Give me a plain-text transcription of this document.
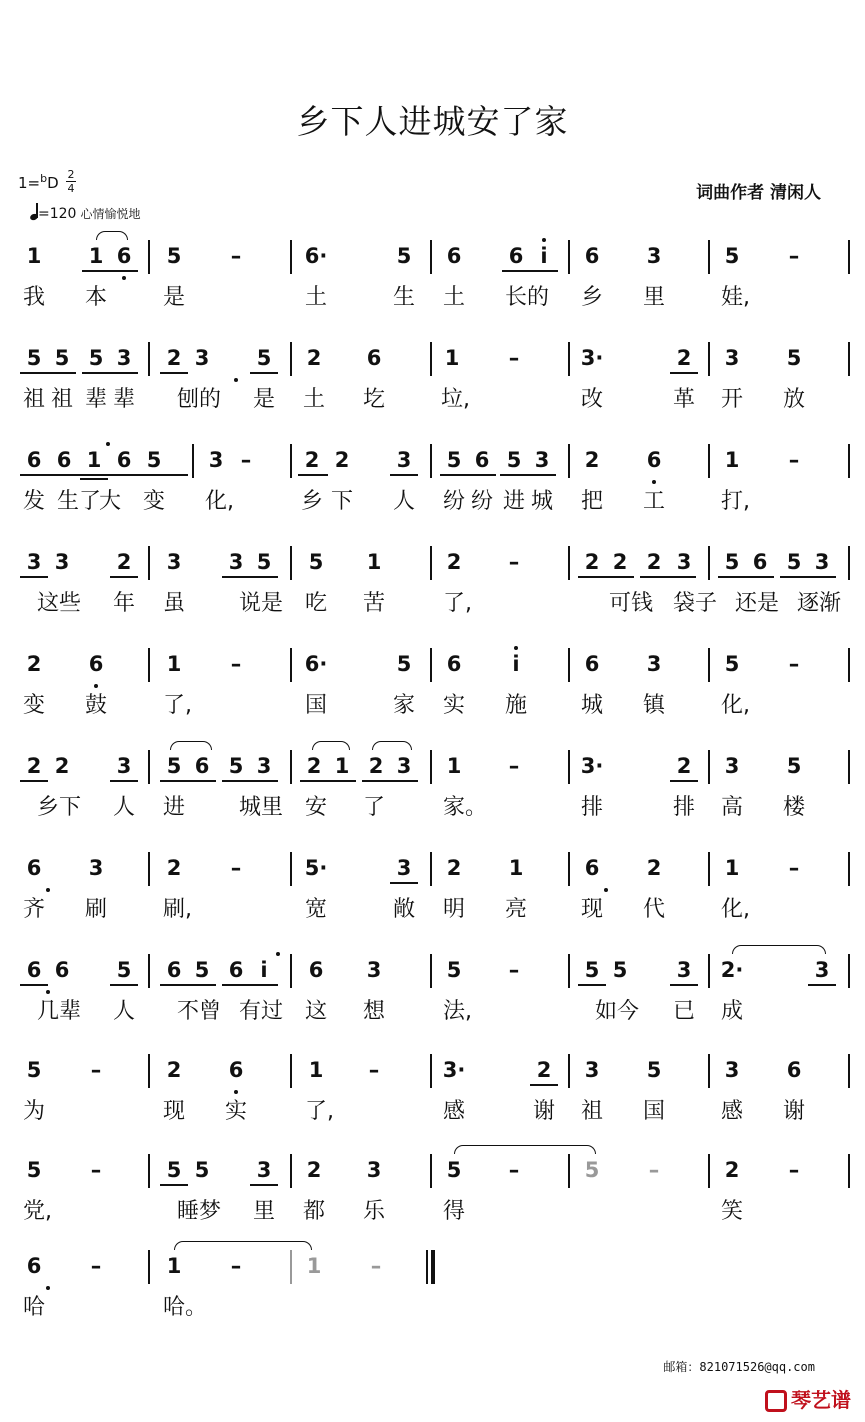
乡下人进城安了家
1=$^b$D 2
4
=120 心情愉悦地
词曲作者 清闲人
1	1 6	5	–	6·	5	6	6 i	6	3	5	–
我 本	是	土	生 土 长的 乡 里	娃,
5 5 5 3	2 3	5	2	6	1	–	3·	2	3	5
祖 祖 辈 辈 刨的 是 土 圪	垃,	改	革 开 放
6 6 1 6 5	3 –	2 2	3	5 6 5 3	2	6	1	–
发 生了
大 变 化,	乡 下 人 纷 纷 进 城 把 工	打,
3 3	2	3	3 5	5	1	2	–	2 2 2 3	5 6 5 3
这些 年 虽 说是 吃 苦	了,	可钱 袋子 还是 逐渐
2	6	1	–	6·	5	6	i	6	3	5	–
变 鼓	了,	国	家 实 施 城 镇	化,
2 2	3	5 6 5 3	2 1 2 3	1	–	3·	2	3	5
乡下 人 进 城里 安 了	家。	排	排 高 楼
6	3	2	–	5·	3	2	1	6	2	1	–
齐 刷	刷,	宽	敞 明 亮 现 代	化,
6 6	5	6 5 6 i	6	3	5	–	5 5	3	2·	3
几辈 人 不曾 有过 这 想	法,	如今 已 成
5	–	2	6	1	–	3·	2	3	5	3	6
为	现 实	了,	感	谢 祖 国	感 谢
5	–	5 5	3	2	3	5	–	5	–	2	–
党,	睡梦 里 都 乐	得	笑
6	–	1	–	1	–
哈	哈。
邮箱：821071526@qq.com
琴艺谱
